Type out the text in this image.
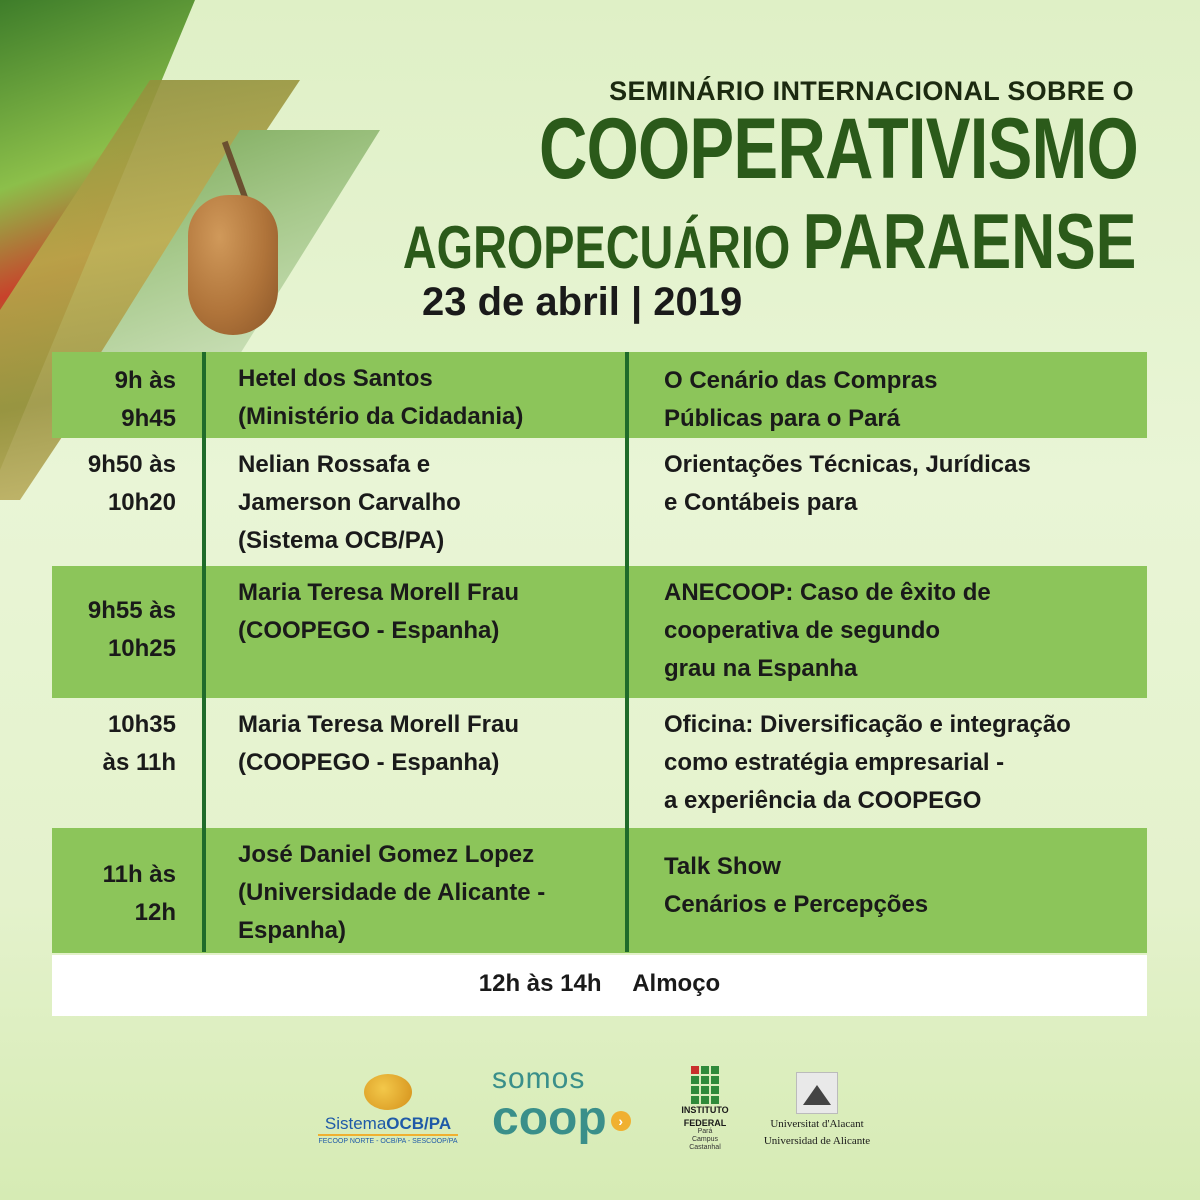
SEMINÁRIO INTERNACIONAL SOBRE O
COOPERATIVISMO
AGROPECUÁRIO PARAENSE
23 de abril | 2019
9h às
9h45
Hetel dos Santos
(Ministério da Cidadania)
O Cenário das Compras
Públicas para o Pará
9h50 às
10h20
Nelian Rossafa e
Jamerson Carvalho
(Sistema OCB/PA)
Orientações Técnicas, Jurídicas
e Contábeis para
9h55 às
10h25
Maria Teresa Morell Frau
(COOPEGO - Espanha)
ANECOOP: Caso de êxito de
cooperativa de segundo
grau na Espanha
10h35
às 11h
Maria Teresa Morell Frau
(COOPEGO - Espanha)
Oficina: Diversificação e integração
como estratégia empresarial -
a experiência da COOPEGO
11h às
12h
José Daniel Gomez Lopez
(Universidade de Alicante -
Espanha)
Talk Show
Cenários e Percepções
12h às 14h Almoço
SistemaOCB/PA
FECOOP NORTE - OCB/PA - SESCOOP/PA
somos
coop ›
INSTITUTO
FEDERAL
Pará
Campus
Castanhal
Universitat d'Alacant
Universidad de Alicante
